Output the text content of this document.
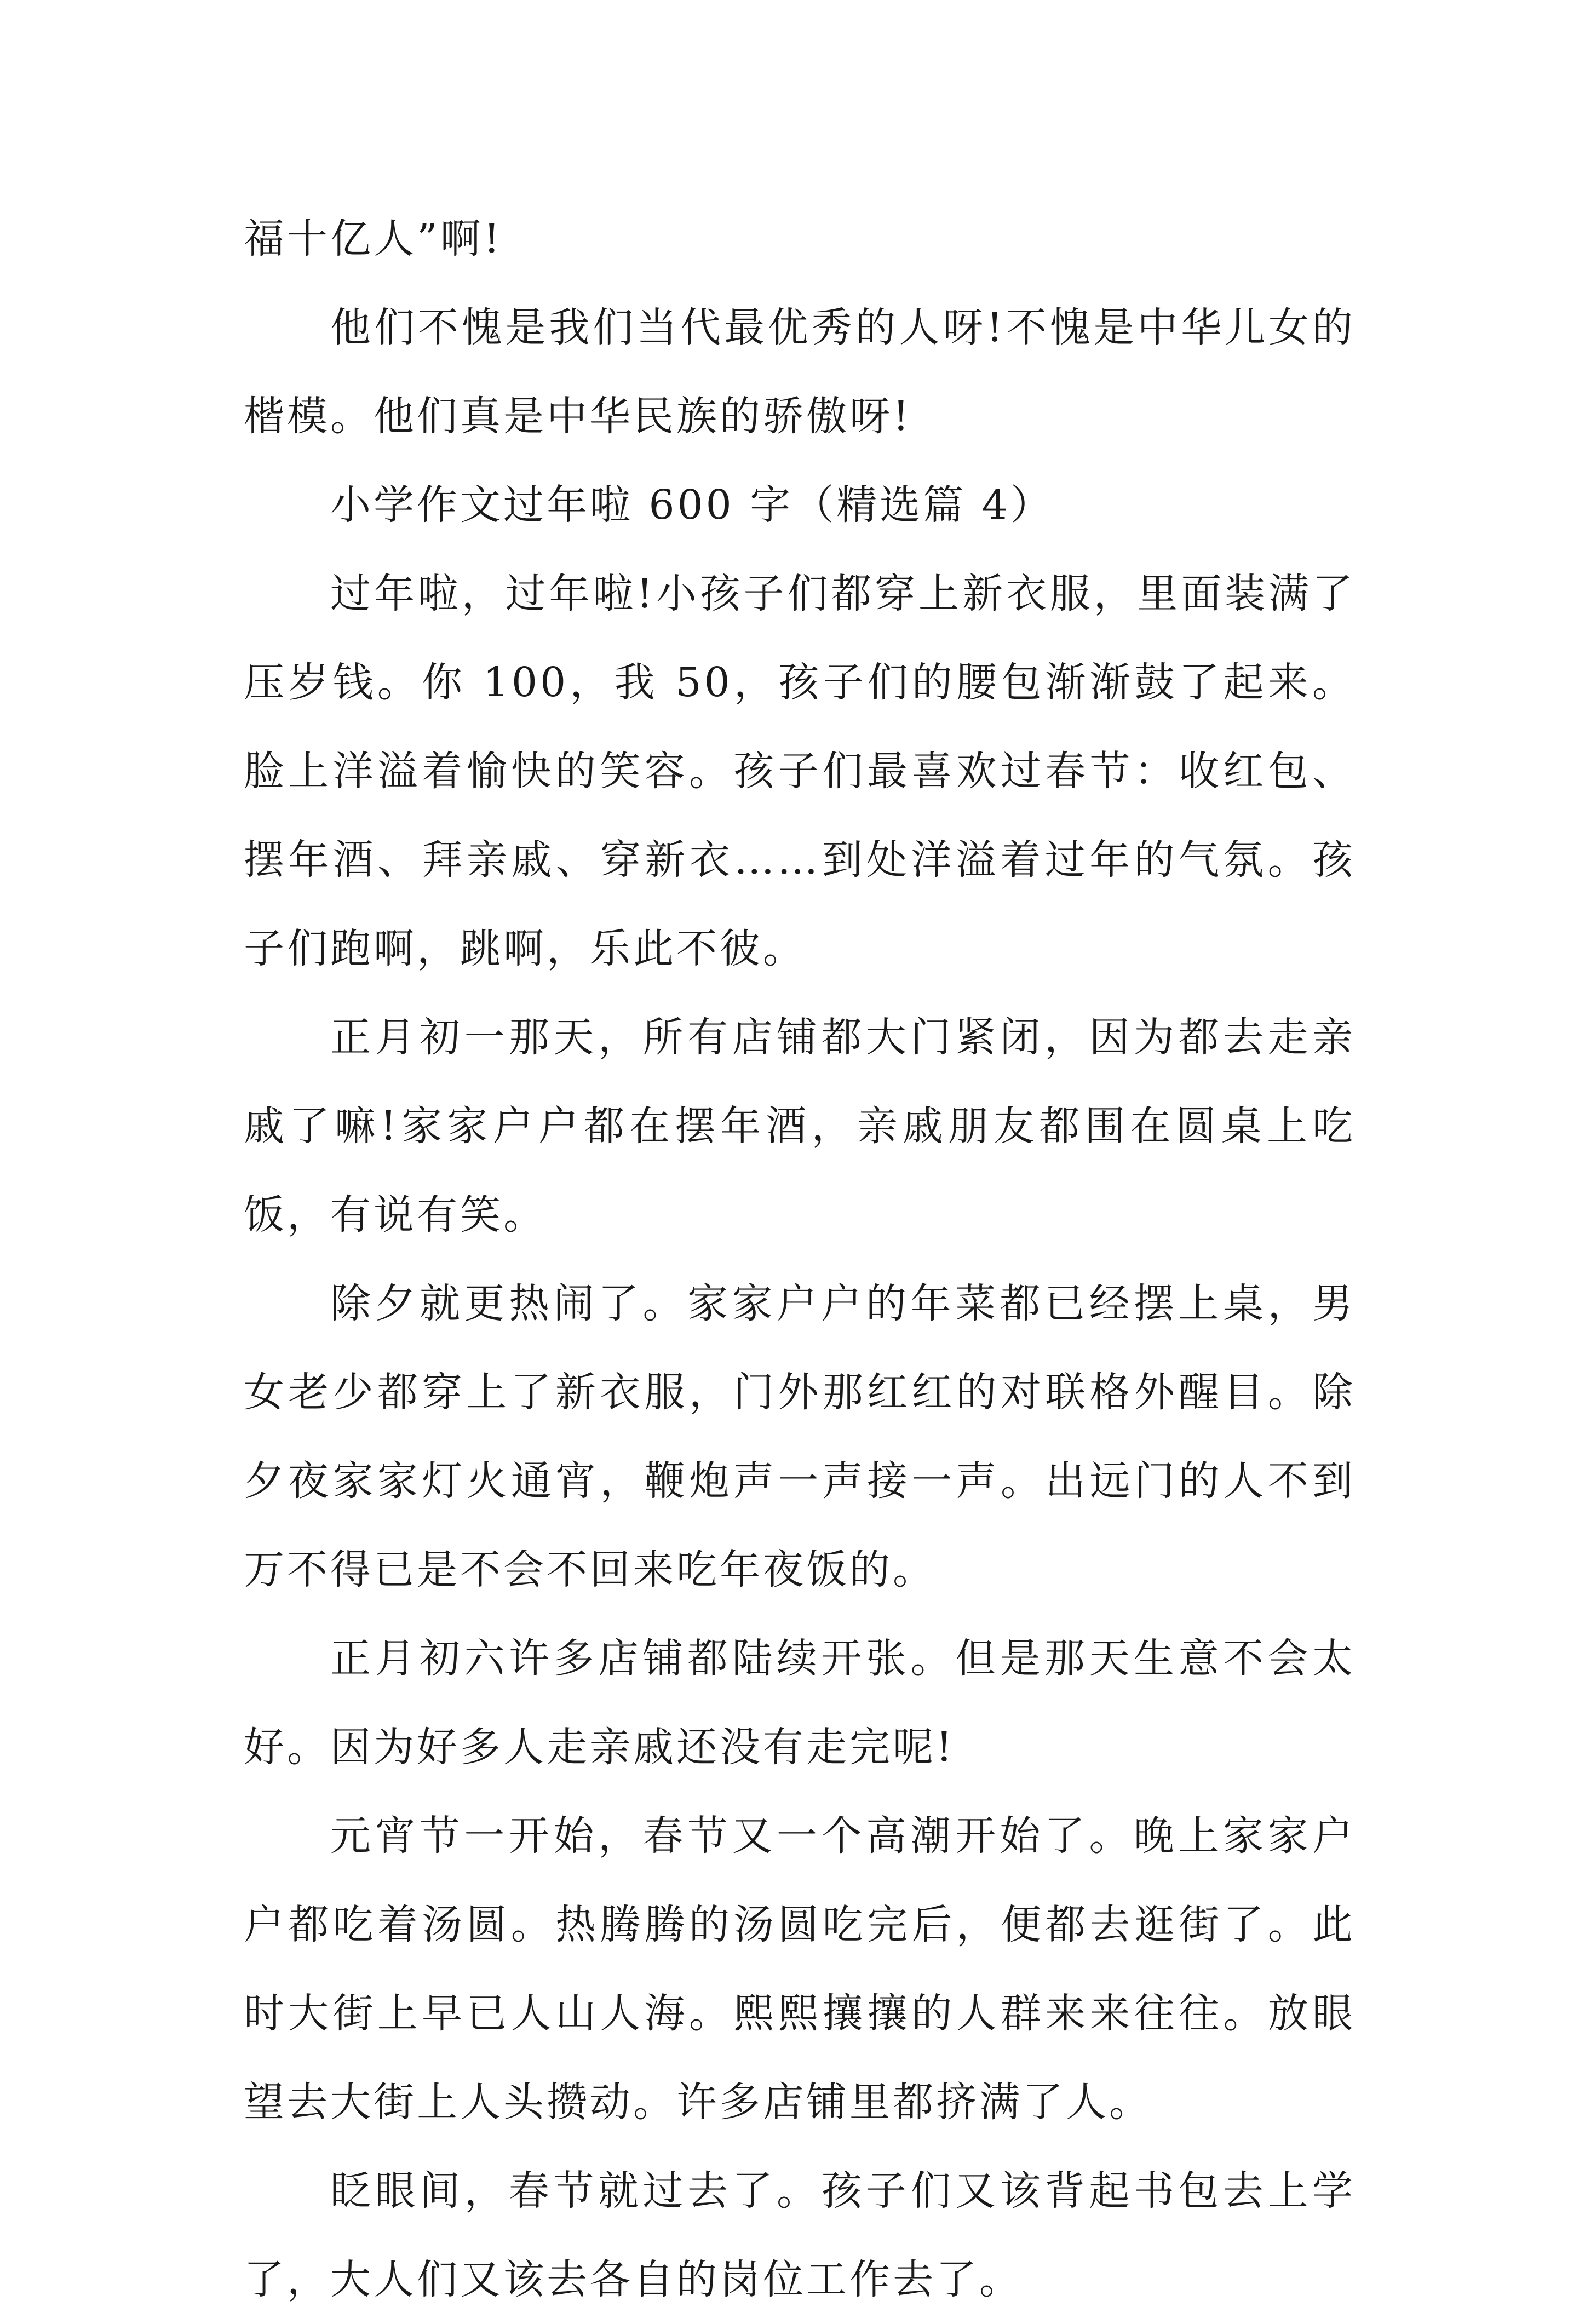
福十亿人”啊!

他们不愧是我们当代最优秀的人呀!不愧是中华儿女的楷模。他们真是中华民族的骄傲呀!

小学作文过年啦 600 字（精选篇 4）

过年啦，过年啦!小孩子们都穿上新衣服，里面装满了压岁钱。你 100，我 50，孩子们的腰包渐渐鼓了起来。脸上洋溢着愉快的笑容。孩子们最喜欢过春节：收红包、摆年酒、拜亲戚、穿新衣……到处洋溢着过年的气氛。孩子们跑啊，跳啊，乐此不彼。

正月初一那天，所有店铺都大门紧闭，因为都去走亲戚了嘛!家家户户都在摆年酒，亲戚朋友都围在圆桌上吃饭，有说有笑。

除夕就更热闹了。家家户户的年菜都已经摆上桌，男女老少都穿上了新衣服，门外那红红的对联格外醒目。除夕夜家家灯火通宵，鞭炮声一声接一声。出远门的人不到万不得已是不会不回来吃年夜饭的。

正月初六许多店铺都陆续开张。但是那天生意不会太好。因为好多人走亲戚还没有走完呢!

元宵节一开始，春节又一个高潮开始了。晚上家家户户都吃着汤圆。热腾腾的汤圆吃完后，便都去逛街了。此时大街上早已人山人海。熙熙攘攘的人群来来往往。放眼望去大街上人头攒动。许多店铺里都挤满了人。

眨眼间，春节就过去了。孩子们又该背起书包去上学了，大人们又该去各自的岗位工作去了。
